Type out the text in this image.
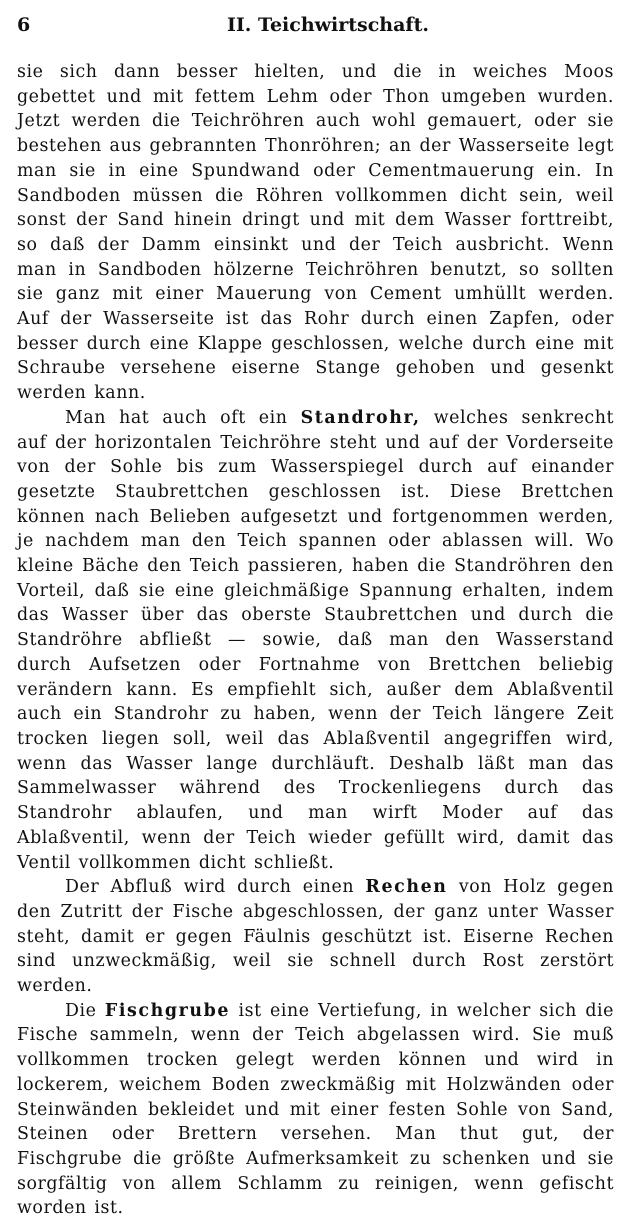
6	II. Teichwirtschaft.

sie sich dann besser hielten, und die in weiches Moos gebettet und mit fettem Lehm oder Thon umgeben wurden. Jetzt werden die Teichröhren auch wohl gemauert, oder sie bestehen aus gebrannten Thonröhren; an der Wasserseite legt man sie in eine Spundwand oder Cementmauerung ein. In Sandboden müssen die Röhren vollkommen dicht sein, weil sonst der Sand hinein dringt und mit dem Wasser forttreibt, so daß der Damm einsinkt und der Teich ausbricht. Wenn man in Sandboden hölzerne Teichröhren benutzt, so sollten sie ganz mit einer Mauerung von Cement umhüllt werden. Auf der Wasserseite ist das Rohr durch einen Zapfen, oder besser durch eine Klappe geschlossen, welche durch eine mit Schraube versehene eiserne Stange gehoben und gesenkt werden kann.

Man hat auch oft ein Standrohr, welches senkrecht auf der horizontalen Teichröhre steht und auf der Vorderseite von der Sohle bis zum Wasserspiegel durch auf einander gesetzte Staubrettchen geschlossen ist. Diese Brettchen können nach Belieben aufgesetzt und fortgenommen werden, je nachdem man den Teich spannen oder ablassen will. Wo kleine Bäche den Teich passieren, haben die Standröhren den Vorteil, daß sie eine gleichmäßige Spannung erhalten, indem das Wasser über das oberste Staubrettchen und durch die Standröhre abfließt — sowie, daß man den Wasserstand durch Aufsetzen oder Fortnahme von Brettchen beliebig verändern kann. Es empfiehlt sich, außer dem Ablaßventil auch ein Standrohr zu haben, wenn der Teich längere Zeit trocken liegen soll, weil das Ablaßventil angegriffen wird, wenn das Wasser lange durchläuft. Deshalb läßt man das Sammelwasser während des Trockenliegens durch das Standrohr ablaufen, und man wirft Moder auf das Ablaßventil, wenn der Teich wieder gefüllt wird, damit das Ventil vollkommen dicht schließt.

Der Abfluß wird durch einen Rechen von Holz gegen den Zutritt der Fische abgeschlossen, der ganz unter Wasser steht, damit er gegen Fäulnis geschützt ist. Eiserne Rechen sind unzweckmäßig, weil sie schnell durch Rost zerstört werden.

Die Fischgrube ist eine Vertiefung, in welcher sich die Fische sammeln, wenn der Teich abgelassen wird. Sie muß vollkommen trocken gelegt werden können und wird in lockerem, weichem Boden zweckmäßig mit Holzwänden oder Steinwänden bekleidet und mit einer festen Sohle von Sand, Steinen oder Brettern versehen. Man thut gut, der Fischgrube die größte Aufmerksamkeit zu schenken und sie sorgfältig von allem Schlamm zu reinigen, wenn gefischt worden ist.
